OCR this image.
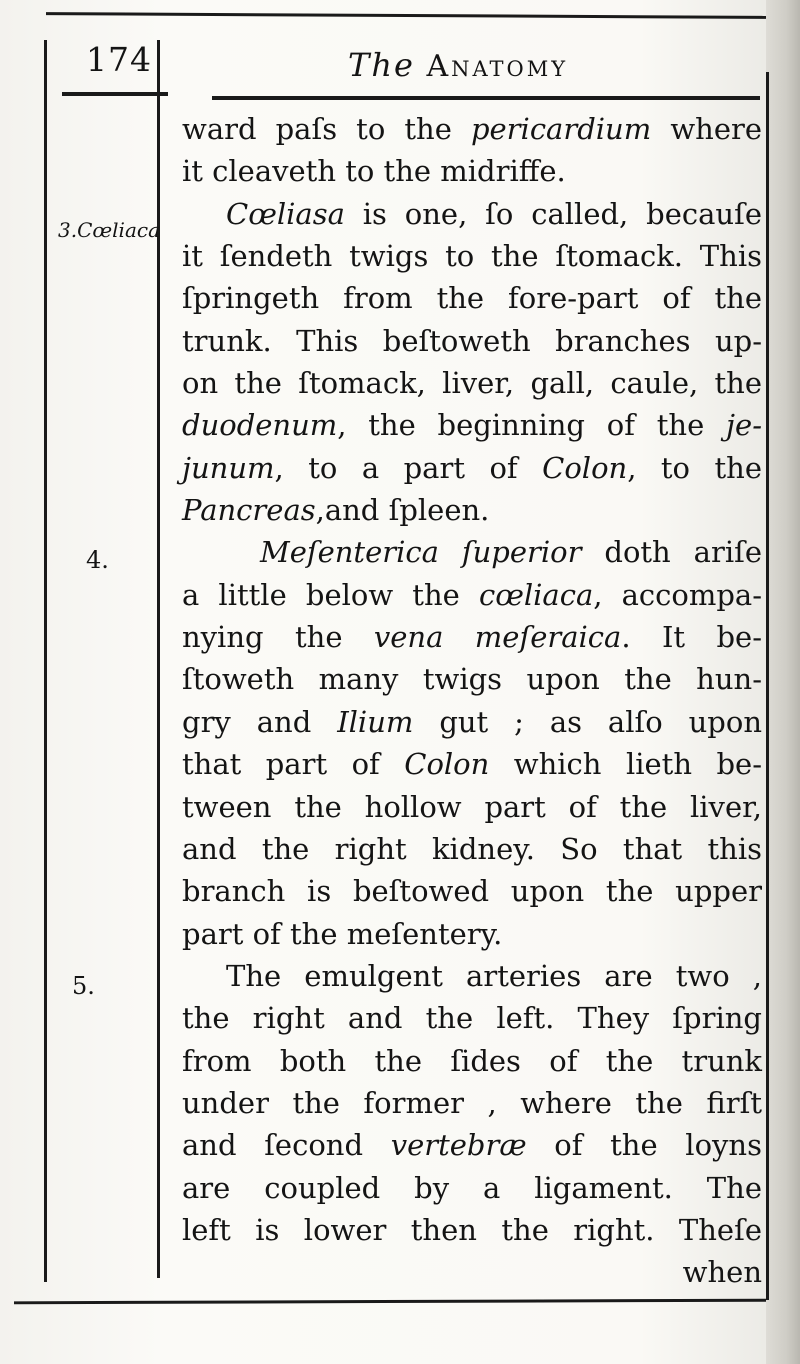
174	The Anatomy
3.Cœliaca
4.
5.
ward paſs to the pericardium where
it cleaveth to the midriffe.
Cœliasa is one, ſo called, becauſe
it ſendeth twigs to the ſtomack. This
ſpringeth from the fore-part of the
trunk. This beſtoweth branches up-
on the ſtomack, liver, gall, caule, the
duodenum, the beginning of the je-
junum, to a part of Colon, to the
Pancreas,and ſpleen.
Meſenterica ſuperior doth ariſe
a little below the cœliaca, accompa-
nying the vena meſeraica. It be-
ſtoweth many twigs upon the hun-
gry and Ilium gut ; as alſo upon
that part of Colon which lieth be-
tween the hollow part of the liver,
and the right kidney. So that this
branch is beſtowed upon the upper
part of the meſentery.
The emulgent arteries are two ,
the right and the left. They ſpring
from both the ſides of the trunk
under the former , where the firſt
and ſecond vertebræ of the loyns
are coupled by a ligament. The
left is lower then the right. Theſe
when
